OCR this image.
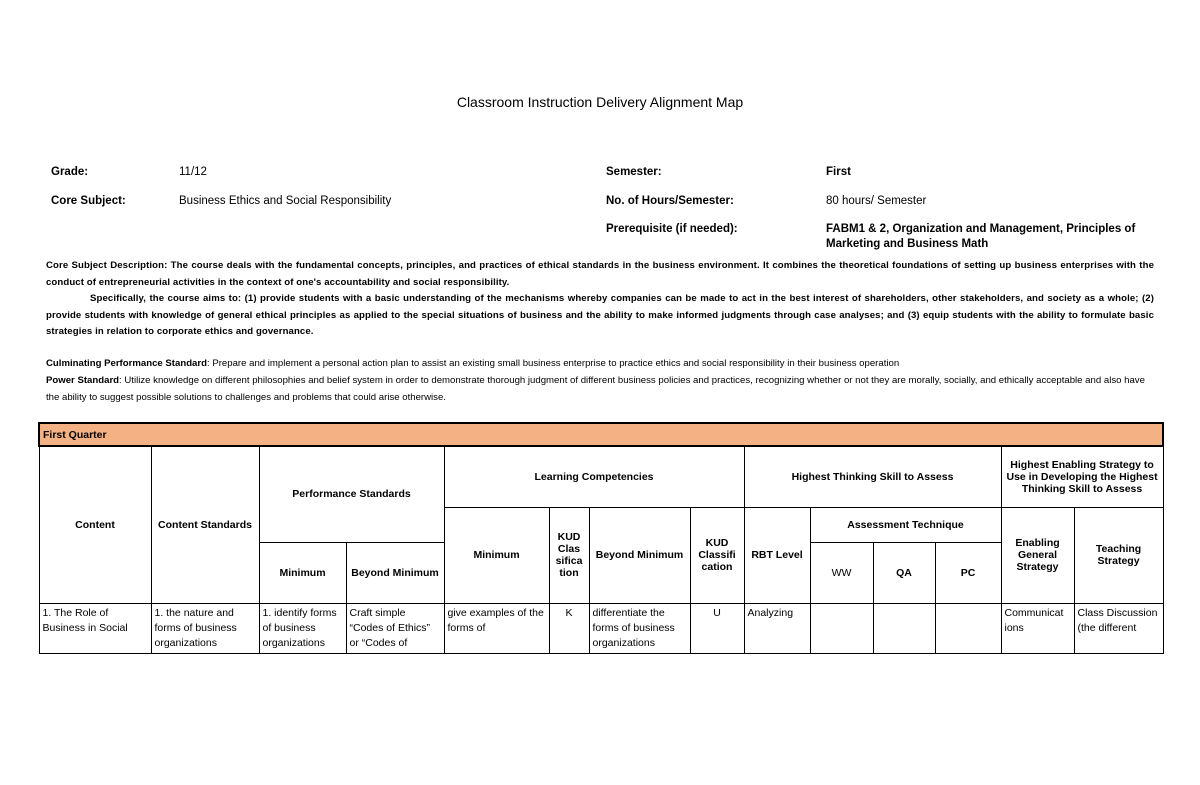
Classroom Instruction Delivery Alignment Map
Grade:	11/12
Core Subject:	Business Ethics and Social Responsibility
Semester:	First
No. of Hours/Semester:	80 hours/ Semester
Prerequisite (if needed):	FABM1 & 2, Organization and Management, Principles of
Marketing and Business Math
Core Subject Description: The course deals with the fundamental concepts, principles, and practices of ethical standards in the business environment. It combines the theoretical foundations of setting up business enterprises with the conduct of entrepreneurial activities in the context of one's accountability and social responsibility.
Specifically, the course aims to: (1) provide students with a basic understanding of the mechanisms whereby companies can be made to act in the best interest of shareholders, other stakeholders, and society as a whole; (2) provide students with knowledge of general ethical principles as applied to the special situations of business and the ability to make informed judgments through case analyses; and (3) equip students with the ability to formulate basic strategies in relation to corporate ethics and governance.
Culminating Performance Standard: Prepare and implement a personal action plan to assist an existing small business enterprise to practice ethics and social responsibility in their business operation
Power Standard: Utilize knowledge on different philosophies and belief system in order to demonstrate thorough judgment of different business policies and practices, recognizing whether or not they are morally, socially, and ethically acceptable and also have the ability to suggest possible solutions to challenges and problems that could arise otherwise.
First Quarter													
Content	Content Standards	Performance Standards		Learning Competencies				Highest Thinking Skill to Assess				Highest Enabling Strategy to Use in Developing the Highest Thinking Skill to Assess	
				Minimum	KUD Clas sifica tion	Beyond Minimum	KUD Classifi cation	RBT Level	Assessment Technique			Enabling General Strategy	Teaching Strategy
		Minimum	Beyond Minimum						WW	QA	PC		
1. The Role of Business in Social	1. the nature and forms of business organizations	1. identify forms of business organizations	Craft simple “Codes of Ethics” or “Codes of	give examples of the forms of	K	differentiate the forms of business organizations	U	Analyzing				Communicat ions	Class Discussion (the different
